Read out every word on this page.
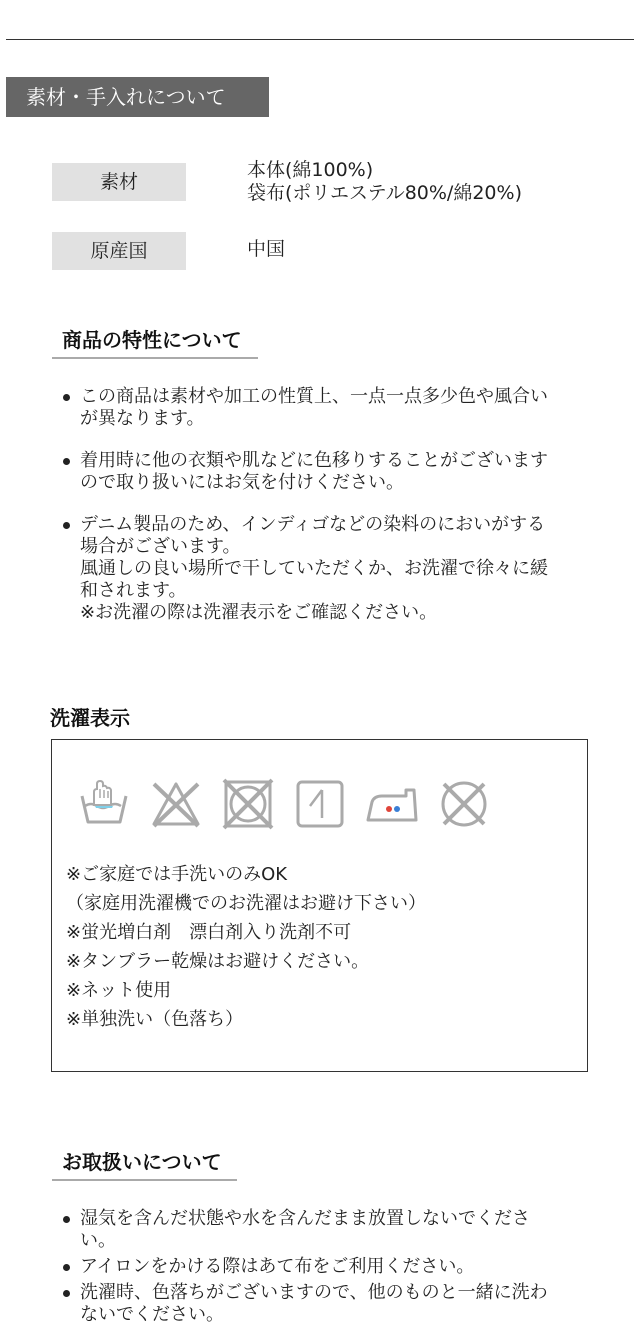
素材・手入れについて
素材
本体(綿100%)
袋布(ポリエステル80%/綿20%)
原産国	中国
商品の特性について
この商品は素材や加工の性質上、一点一点多少色や風合い
が異なります。
着用時に他の衣類や肌などに色移りすることがございます
ので取り扱いにはお気を付けください。
デニム製品のため、インディゴなどの染料のにおいがする
場合がございます。
風通しの良い場所で干していただくか、お洗濯で徐々に緩
和されます。
※お洗濯の際は洗濯表示をご確認ください。
洗濯表示
※ご家庭では手洗いのみOK
（家庭用洗濯機でのお洗濯はお避け下さい）
※蛍光増白剤　漂白剤入り洗剤不可
※タンブラー乾燥はお避けください。
※ネット使用
※単独洗い（色落ち）
お取扱いについて
湿気を含んだ状態や水を含んだまま放置しないでくださ
い。
アイロンをかける際はあて布をご利用ください。
洗濯時、色落ちがございますので、他のものと一緒に洗わ
ないでください。
